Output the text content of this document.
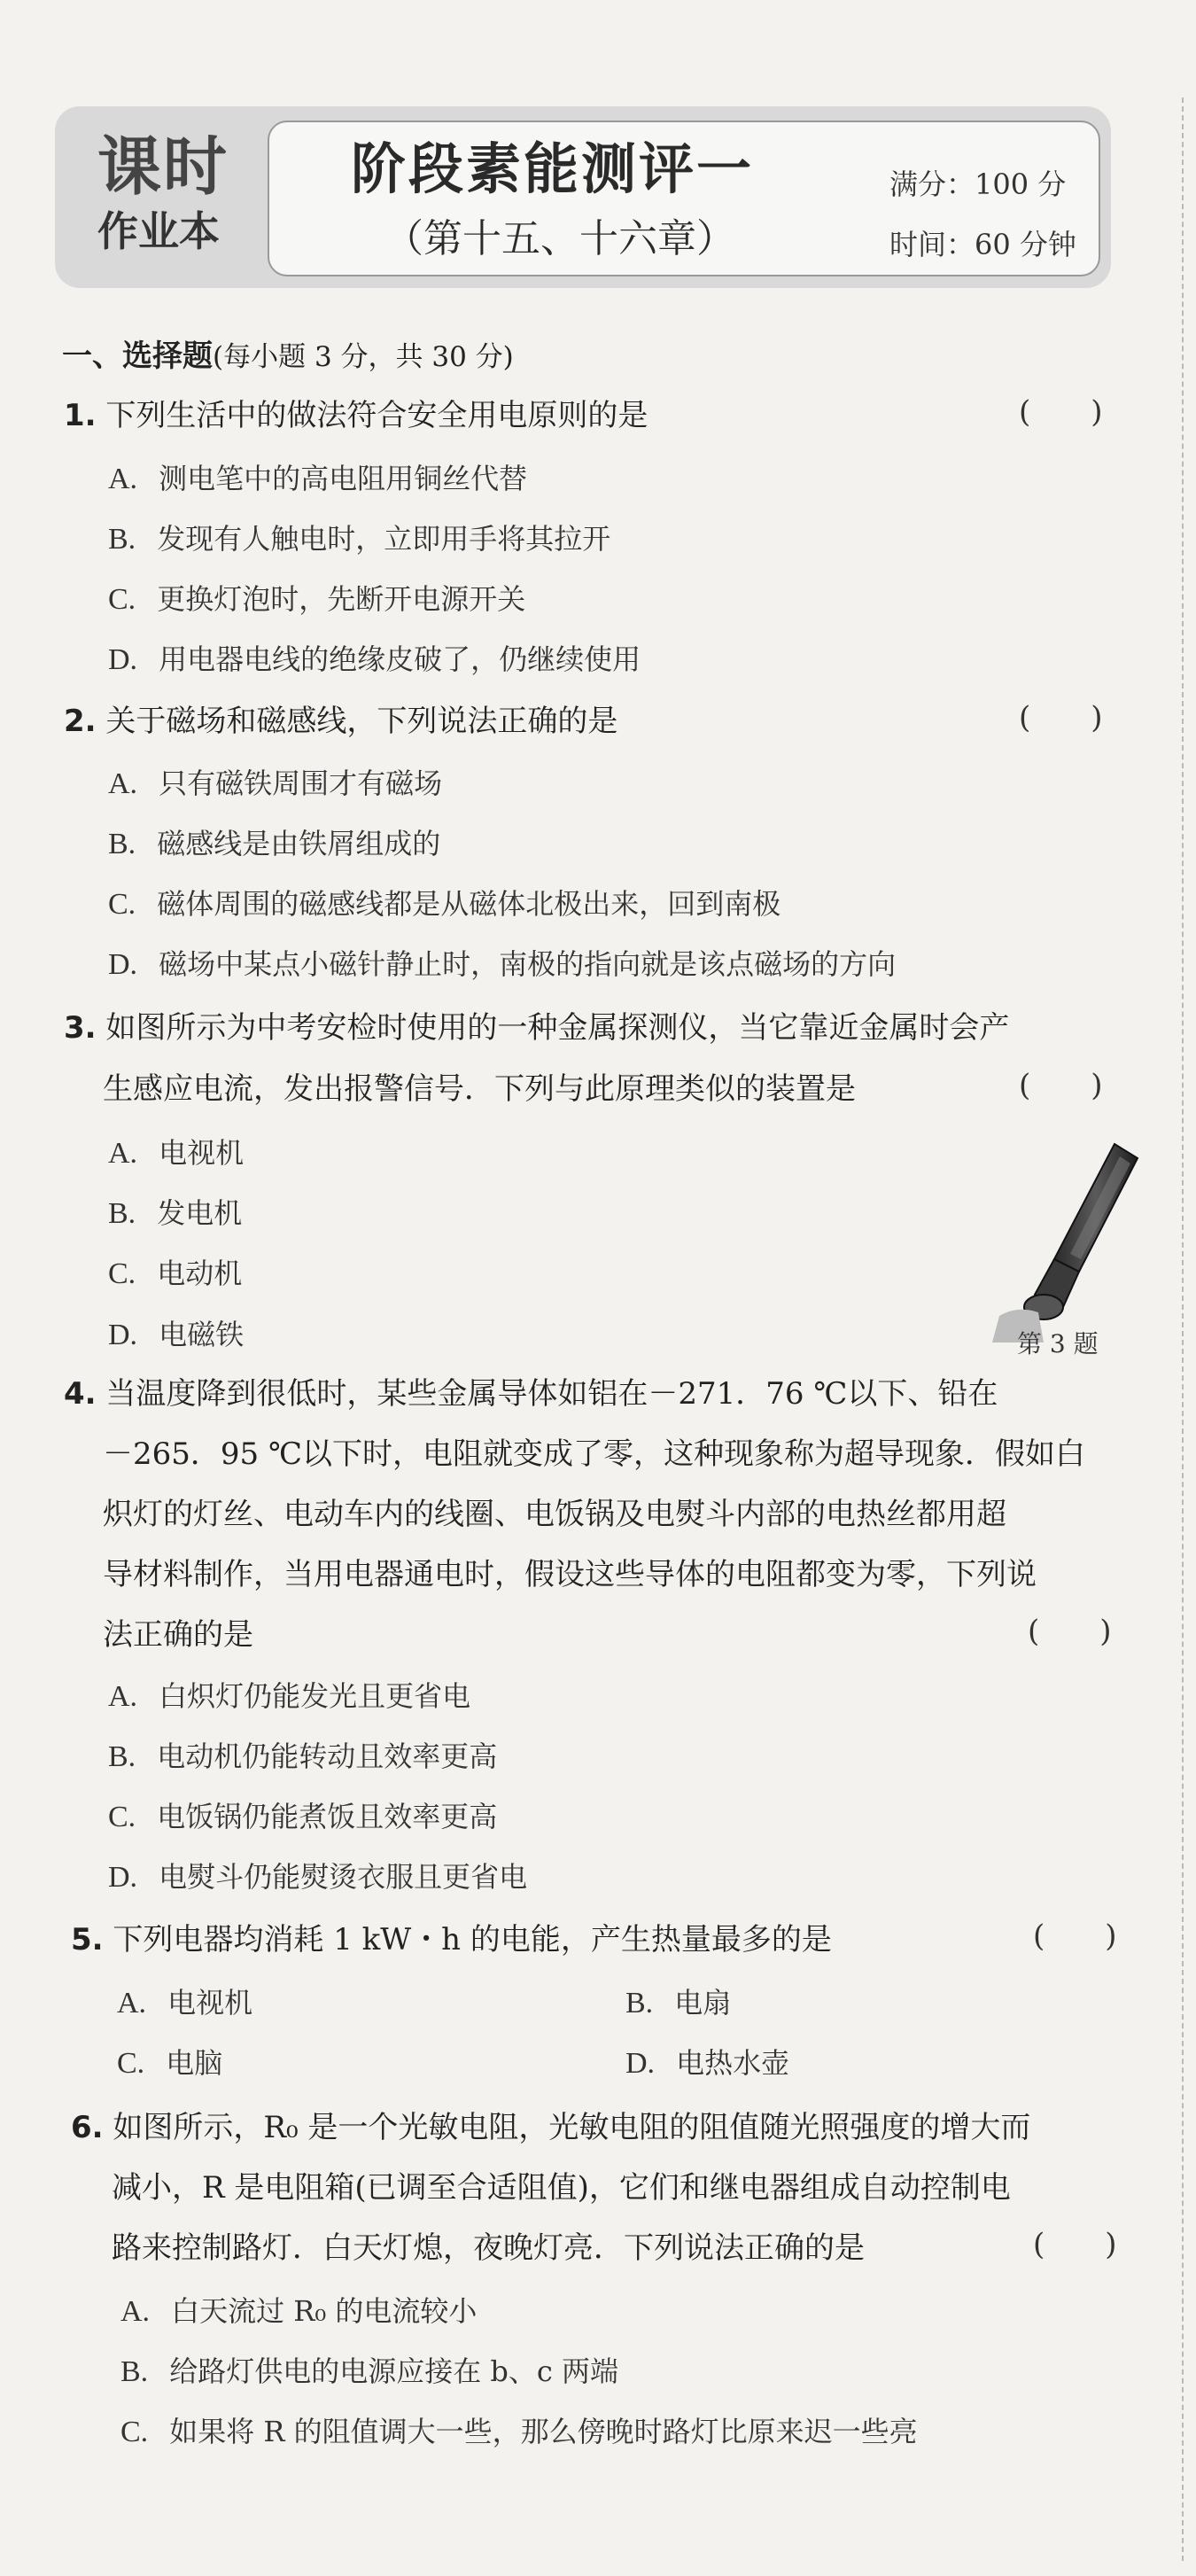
课时
作业本
阶段素能测评一
（第十五、十六章）
满分：100 分
时间：60 分钟
一、选择题(每小题 3 分，共 30 分)
1. 下列生活中的做法符合安全用电原则的是	(　　)
A. 测电笔中的高电阻用铜丝代替
B. 发现有人触电时，立即用手将其拉开
C. 更换灯泡时，先断开电源开关
D. 用电器电线的绝缘皮破了，仍继续使用
2. 关于磁场和磁感线，下列说法正确的是	(　　)
A. 只有磁铁周围才有磁场
B. 磁感线是由铁屑组成的
C. 磁体周围的磁感线都是从磁体北极出来，回到南极
D. 磁场中某点小磁针静止时，南极的指向就是该点磁场的方向
3. 如图所示为中考安检时使用的一种金属探测仪，当它靠近金属时会产
生感应电流，发出报警信号．下列与此原理类似的装置是	(　　)
A. 电视机
B. 发电机
C. 电动机
D. 电磁铁	第 3 题
4. 当温度降到很低时，某些金属导体如铝在－271．76 ℃以下、铅在
－265．95 ℃以下时，电阻就变成了零，这种现象称为超导现象．假如白
炽灯的灯丝、电动车内的线圈、电饭锅及电熨斗内部的电热丝都用超
导材料制作，当用电器通电时，假设这些导体的电阻都变为零，下列说
法正确的是	(　　)
A. 白炽灯仍能发光且更省电
B. 电动机仍能转动且效率更高
C. 电饭锅仍能煮饭且效率更高
D. 电熨斗仍能熨烫衣服且更省电
5. 下列电器均消耗 1 kW・h 的电能，产生热量最多的是	(　　)
A. 电视机	B. 电扇
C. 电脑	D. 电热水壶
6. 如图所示，R₀ 是一个光敏电阻，光敏电阻的阻值随光照强度的增大而
减小，R 是电阻箱(已调至合适阻值)，它们和继电器组成自动控制电
路来控制路灯．白天灯熄，夜晚灯亮．下列说法正确的是	(　　)
A. 白天流过 R₀ 的电流较小
B. 给路灯供电的电源应接在 b、c 两端
C. 如果将 R 的阻值调大一些，那么傍晚时路灯比原来迟一些亮
